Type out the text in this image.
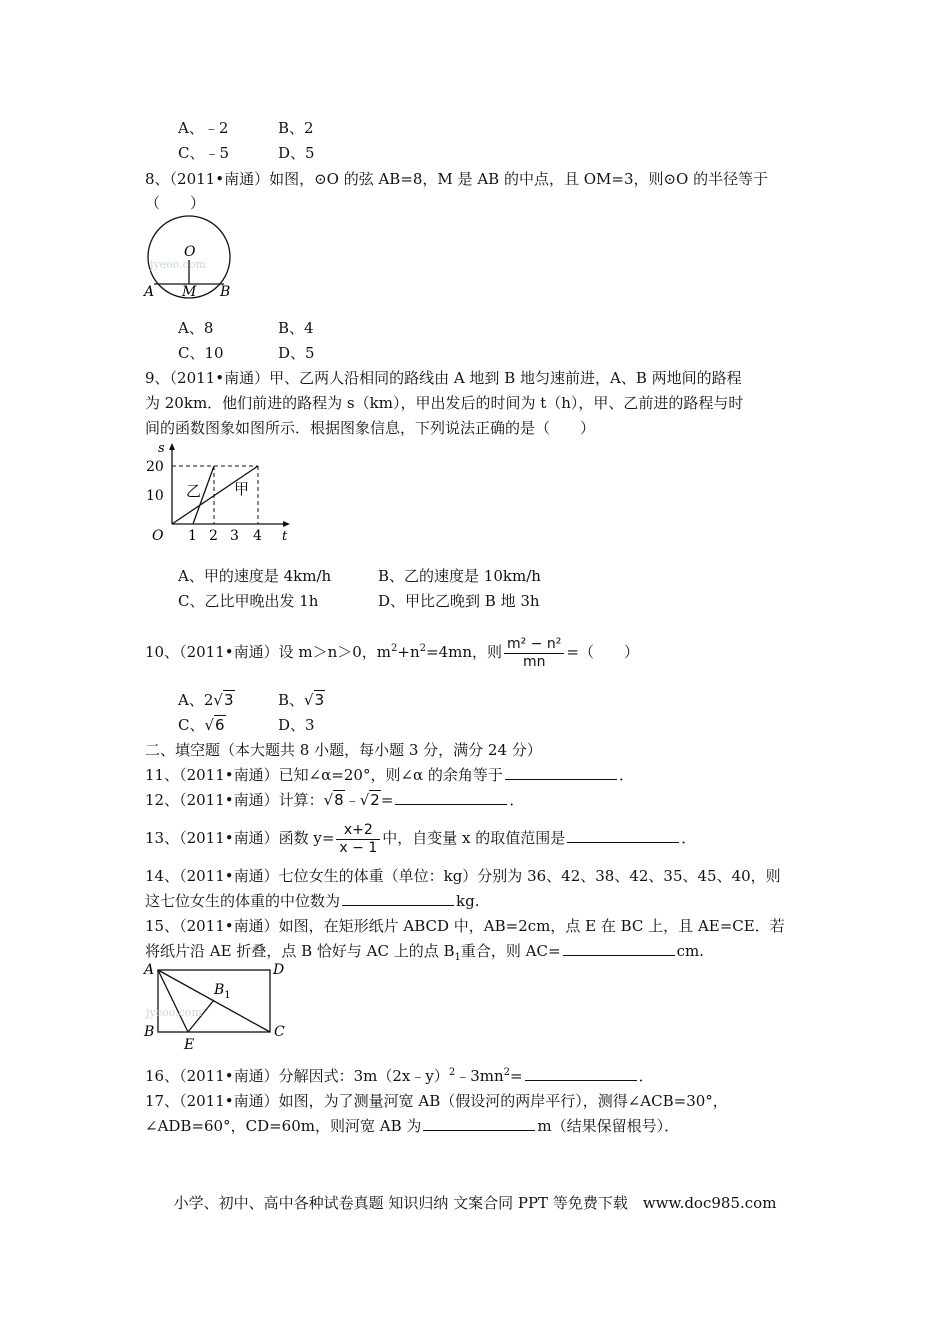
A、﹣2	B、2
C、﹣5	D、5
8、（2011•南通）如图，⊙O 的弦 AB=8，M 是 AB 的中点，且 OM=3，则⊙O 的半径等于
（　　）
jyeoo.com
O
A M B
A、8	B、4
C、10	D、5
9、（2011•南通）甲、乙两人沿相同的路线由 A 地到 B 地匀速前进，A、B 两地间的路程
为 20km．他们前进的路程为 s（km），甲出发后的时间为 t（h），甲、乙前进的路程与时
间的函数图象如图所示．根据图象信息，下列说法正确的是（　　）
s
t
O
20
10
1 2 3 4
乙 甲
A、甲的速度是 4km/h	B、乙的速度是 10km/h
C、乙比甲晚出发 1h	D、甲比乙晚到 B 地 3h
10、（2011•南通）设 m＞n＞0，$m^2+n^2=4mn$，则 $\frac{\text{m² − n²}}{mn}$ =（　　）
A、2√3	B、√3
C、√6	D、3
二、填空题（本大题共 8 小题，每小题 3 分，满分 24 分）
11、（2011•南通）已知∠α=20°，则∠α 的余角等于	．
12、（2011•南通）计算：√8﹣√2=	．
13、（2011•南通）函数 $y= \frac{x+2}{x - 1}$ 中，自变量 x 的取值范围是	．
14、（2011•南通）七位女生的体重（单位：kg）分别为 36、42、38、42、35、45、40，则
这七位女生的体重的中位数为	kg.
15、（2011•南通）如图，在矩形纸片 ABCD 中，AB=2cm，点 E 在 BC 上，且 AE=CE．若
将纸片沿 AE 折叠，点 B 恰好与 AC 上的点 $B_1$重合，则 AC=	cm.
jyeoo.com
A	D
B	C
E
$B_1$
16、（2011•南通）分解因式：$3m(2x﹣y)^2﹣3mn^2=$	．
17、（2011•南通）如图，为了测量河宽 AB（假设河的两岸平行），测得∠ACB=30°，
∠ADB=60°，CD=60m，则河宽 AB 为	m（结果保留根号）．
小学、初中、高中各种试卷真题 知识归纳 文案合同 PPT 等免费下载　www.doc985.com
